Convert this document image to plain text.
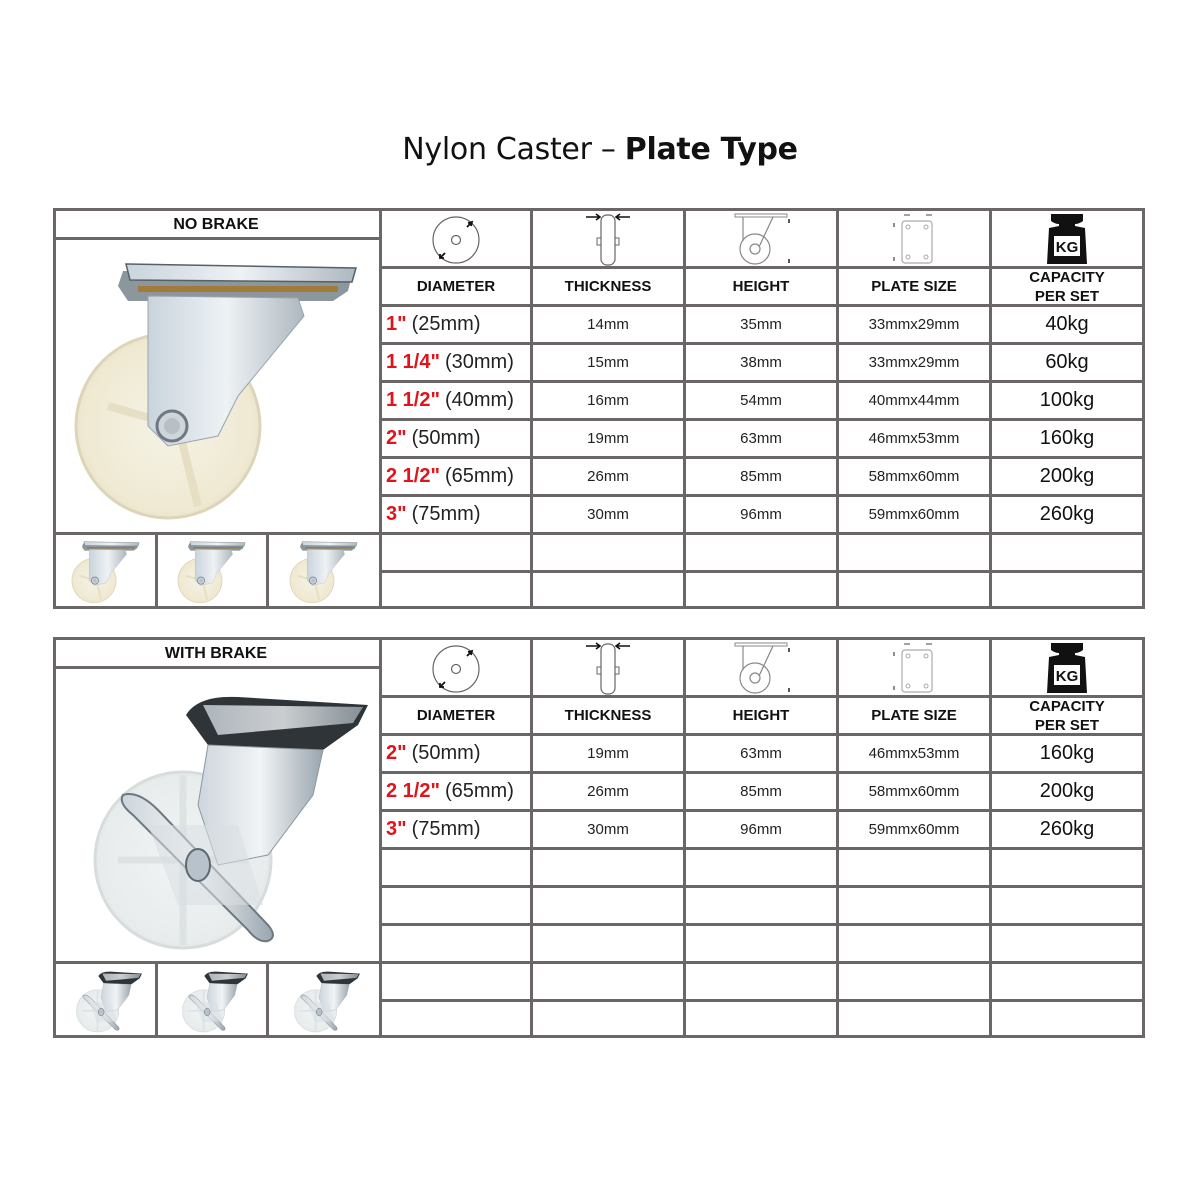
Nylon Caster – Plate Type
NO BRAKE
KG
DIAMETER	THICKNESS	HEIGHT	PLATE SIZE
CAPACITY
PER SET
1" (25mm)	14mm	35mm	33mmx29mm	40kg
1 1/4" (30mm)	15mm	38mm	33mmx29mm	60kg
1 1/2" (40mm)	16mm	54mm	40mmx44mm	100kg
2" (50mm)	19mm	63mm	46mmx53mm	160kg
2 1/2" (65mm)	26mm	85mm	58mmx60mm	200kg
3" (75mm)	30mm	96mm	59mmx60mm	260kg
WITH BRAKE
KG
DIAMETER	THICKNESS	HEIGHT	PLATE SIZE
CAPACITY
PER SET
2" (50mm)	19mm	63mm	46mmx53mm	160kg
2 1/2" (65mm)	26mm	85mm	58mmx60mm	200kg
3" (75mm)	30mm	96mm	59mmx60mm	260kg
